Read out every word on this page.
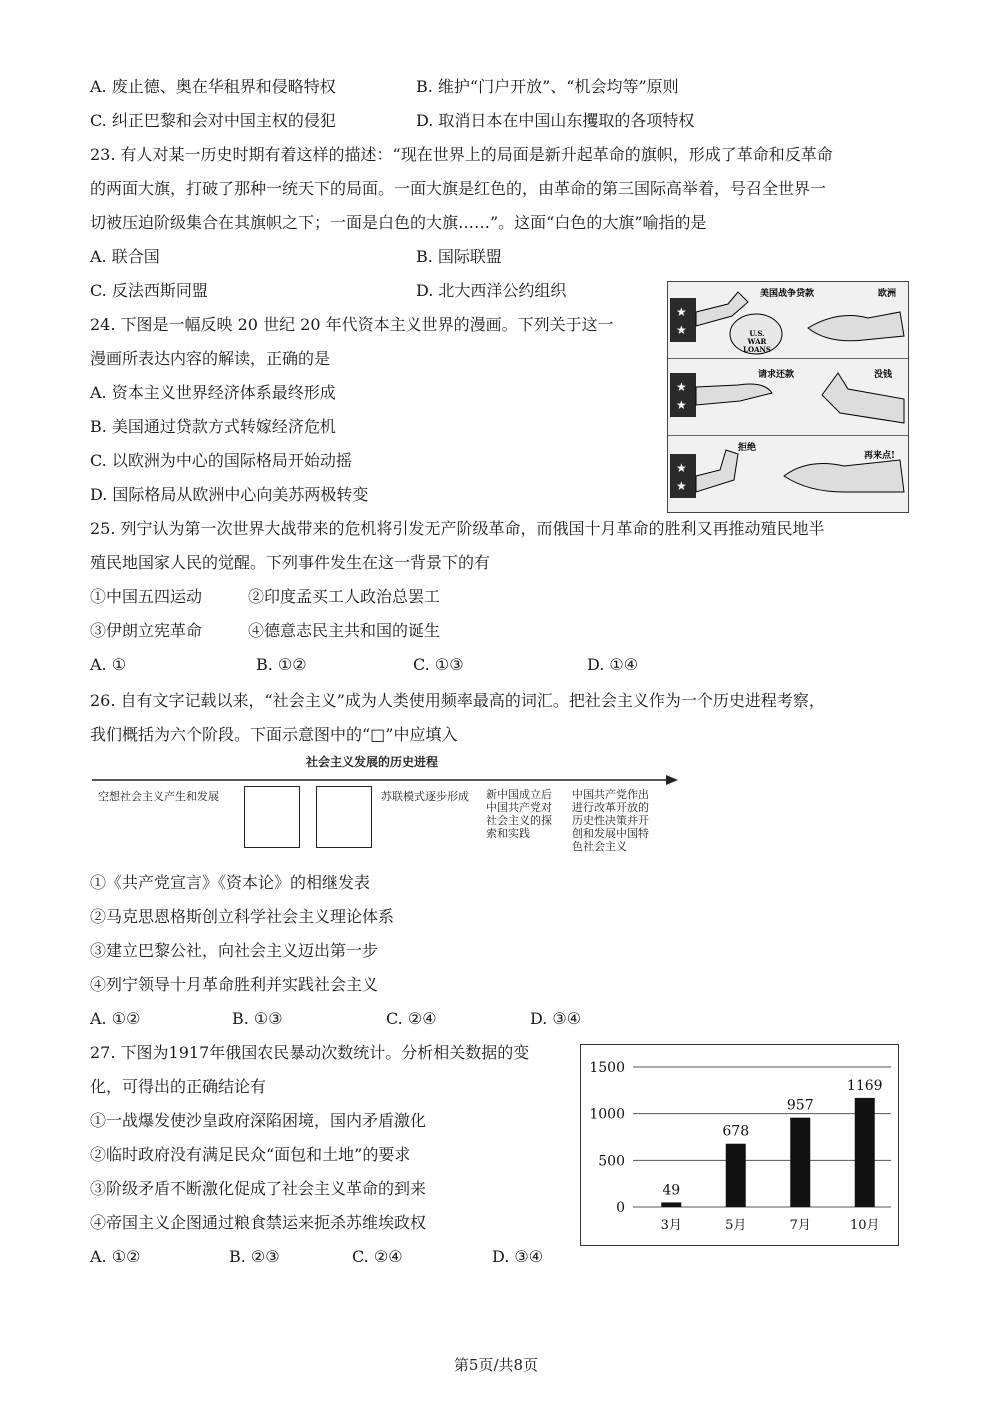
A. 废止德、奥在华租界和侵略特权	B. 维护“门户开放”、“机会均等”原则
C. 纠正巴黎和会对中国主权的侵犯	D. 取消日本在中国山东攫取的各项特权
23. 有人对某一历史时期有着这样的描述：“现在世界上的局面是新升起革命的旗帜，形成了革命和反革命
的两面大旗，打破了那种一统天下的局面。一面大旗是红色的，由革命的第三国际高举着，号召全世界一
切被压迫阶级集合在其旗帜之下；一面是白色的大旗……”。这面“白色的大旗”喻指的是
A. 联合国	B. 国际联盟
C. 反法西斯同盟	D. 北大西洋公约组织
24. 下图是一幅反映 20 世纪 20 年代资本主义世界的漫画。下列关于这一
漫画所表达内容的解读，正确的是
A. 资本主义世界经济体系最终形成
B. 美国通过贷款方式转嫁经济危机
C. 以欧洲为中心的国际格局开始动摇
D. 国际格局从欧洲中心向美苏两极转变
★
★
美国战争贷款	欧洲
U.S. WAR LOANS
★
★
请求还款	没钱
★
★
拒绝
再来点!
25. 列宁认为第一次世界大战带来的危机将引发无产阶级革命，而俄国十月革命的胜利又再推动殖民地半
殖民地国家人民的觉醒。下列事件发生在这一背景下的有
①中国五四运动	②印度孟买工人政治总罢工
③伊朗立宪革命	④德意志民主共和国的诞生
A. ①	B. ①②	C. ①③	D. ①④
26. 自有文字记载以来，“社会主义”成为人类使用频率最高的词汇。把社会主义作为一个历史进程考察，
我们概括为六个阶段。下面示意图中的“□”中应填入
社会主义发展的历史进程
空想社会主义产生和发展	苏联模式逐步形成 新中国成立后
中国共产党对
社会主义的探
索和实践
中国共产党作出
进行改革开放的
历史性决策并开
创和发展中国特
色社会主义
①《共产党宣言》《资本论》的相继发表
②马克思恩格斯创立科学社会主义理论体系
③建立巴黎公社，向社会主义迈出第一步
④列宁领导十月革命胜利并实践社会主义
A. ①②	B. ①③	C. ②④	D. ③④
27. 下图为1917年俄国农民暴动次数统计。分析相关数据的变
化，可得出的正确结论有
①一战爆发使沙皇政府深陷困境，国内矛盾激化
②临时政府没有满足民众“面包和土地”的要求
③阶级矛盾不断激化促成了社会主义革命的到来
④帝国主义企图通过粮食禁运来扼杀苏维埃政权
A. ①②	B. ②③	C. ②④	D. ③④
0
500
1000
1500
49
3月
678
5月
957
7月
1169
10月
第5页/共8页
